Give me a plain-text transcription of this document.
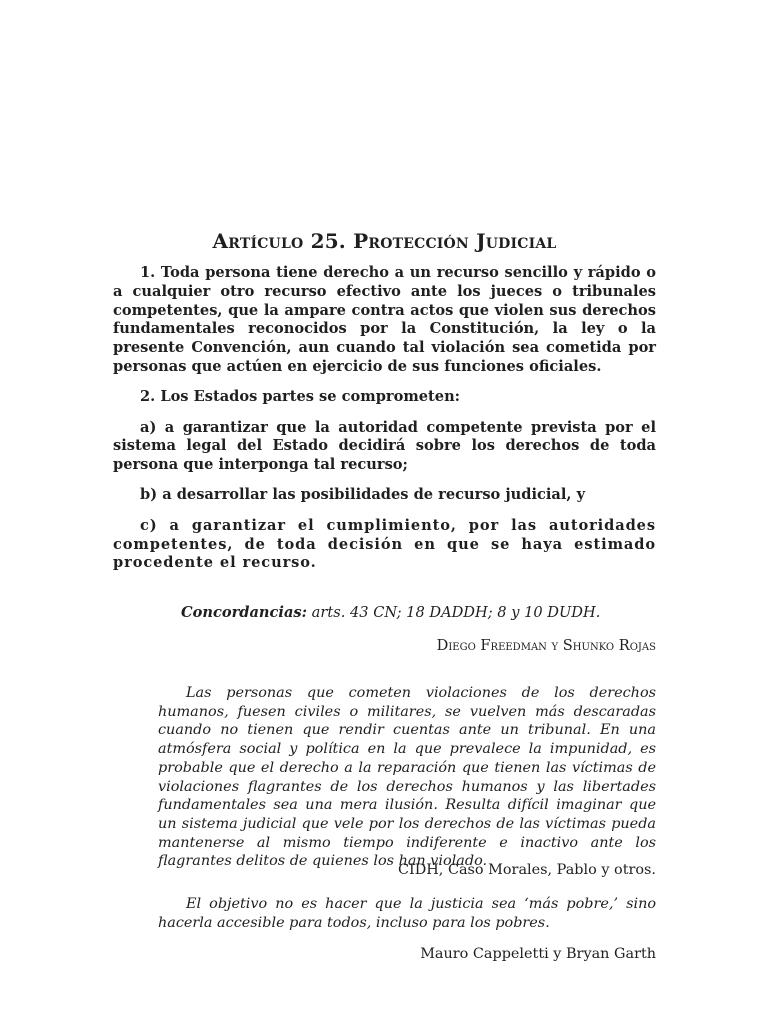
Artículo 25. Protección Judicial

1. Toda persona tiene derecho a un recurso sencillo y rápido o a cualquier otro recurso efectivo ante los jueces o tribunales competentes, que la ampare contra actos que violen sus derechos fundamentales reconocidos por la Constitución, la ley o la presente Convención, aun cuando tal violación sea cometida por personas que actúen en ejercicio de sus funciones oficiales.

2. Los Estados partes se comprometen:

a) a garantizar que la autoridad competente prevista por el sistema legal del Estado decidirá sobre los derechos de toda persona que interponga tal recurso;

b) a desarrollar las posibilidades de recurso judicial, y

c) a garantizar el cumplimiento, por las autoridades competentes, de toda decisión en que se haya estimado procedente el recurso.

Concordancias: arts. 43 CN; 18 DADDH; 8 y 10 DUDH.
Diego Freedman y Shunko Rojas

Las personas que cometen violaciones de los derechos humanos, fuesen civiles o militares, se vuelven más descaradas cuando no tienen que rendir cuentas ante un tribunal. En una atmósfera social y política en la que prevalece la impunidad, es probable que el derecho a la reparación que tienen las víctimas de violaciones flagrantes de los derechos humanos y las libertades fundamentales sea una mera ilusión. Resulta difícil imaginar que un sistema judicial que vele por los derechos de las víctimas pueda mantenerse al mismo tiempo indiferente e inactivo ante los flagrantes delitos de quienes los han violado.

CIDH, Caso Morales, Pablo y otros.

El objetivo no es hacer que la justicia sea ‘más pobre,’ sino hacerla accesible para todos, incluso para los pobres.

Mauro Cappeletti y Bryan Garth
